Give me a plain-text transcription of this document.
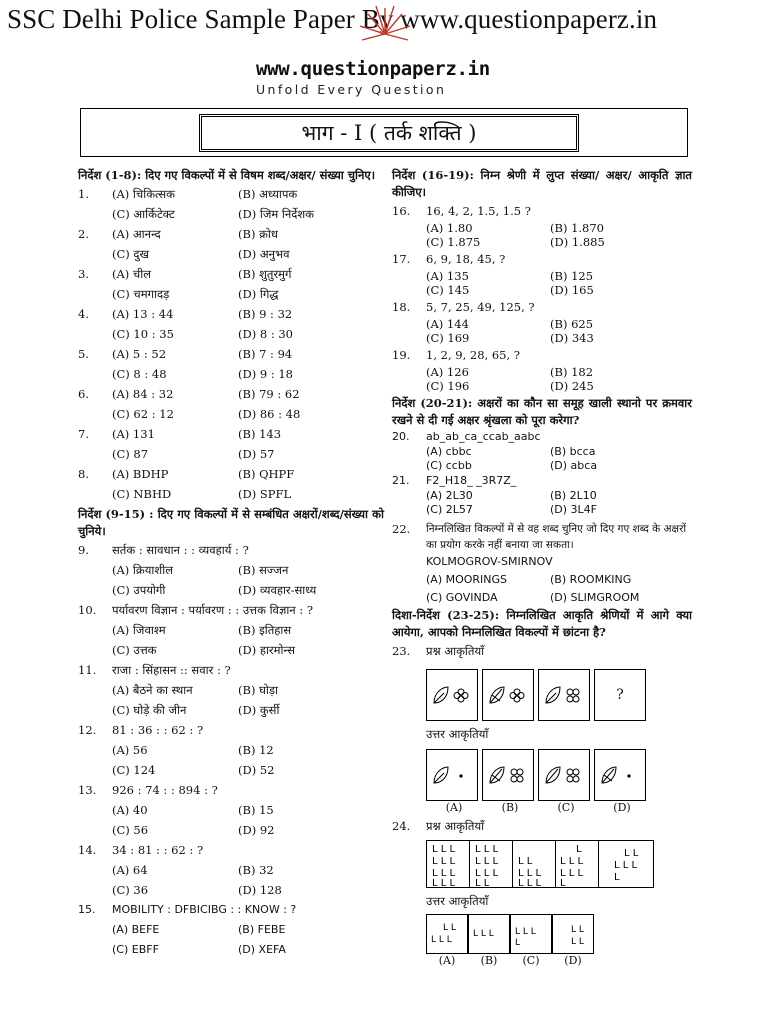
SSC Delhi Police Sample Paper By www.questionpaperz.in
www.questionpaperz.in
Unfold Every Question
भाग - I ( तर्क शक्ति )
निर्देश (1-8): दिए गए विकल्पों में से विषम शब्द/अक्षर/ संख्या चुनिए।
1.	(A) चिकित्सक	(B) अध्यापक
(C) आर्किटेक्ट	(D) जिम निर्देशक
2.	(A) आनन्द	(B) क्रोध
(C) दुख	(D) अनुभव
3.	(A) चील	(B) शुतुरमुर्ग
(C) चमगादड़	(D) गिद्ध
4.	(A) 13 : 44	(B) 9 : 32
(C) 10 : 35	(D) 8 : 30
5.	(A) 5 : 52	(B) 7 : 94
(C) 8 : 48	(D) 9 : 18
6.	(A) 84 : 32	(B) 79 : 62
(C) 62 : 12	(D) 86 : 48
7.	(A) 131	(B) 143
(C) 87	(D) 57
8.	(A) BDHP	(B) QHPF
(C) NBHD	(D) SPFL
निर्देश (9-15) : दिए गए विकल्पों में से सम्बंधित अक्षरों/शब्द/संख्या को चुनिये।
9.	सर्तक : सावधान : : व्यवहार्य : ?
(A) क्रियाशील	(B) सज्जन
(C) उपयोगी	(D) व्यवहार-साध्य
10.	पर्यावरण विज्ञान : पर्यावरण : : उत्तक विज्ञान : ?
(A) जिवाश्म	(B) इतिहास
(C) उत्तक	(D) हारमोन्स
11.	राजा : सिंहासन :: सवार : ?
(A) बैठने का स्थान	(B) घोड़ा
(C) घोड़े की जीन	(D) कुर्सी
12.	81 : 36 : : 62 : ?
(A) 56	(B) 12
(C) 124	(D) 52
13.	926 : 74 : : 894 : ?
(A) 40	(B) 15
(C) 56	(D) 92
14.	34 : 81 : : 62 : ?
(A) 64	(B) 32
(C) 36	(D) 128
15.	MOBILITY : DFBICIBG : : KNOW : ?
(A) BEFE	(B) FEBE
(C) EBFF	(D) XEFA
निर्देश (16-19): निम्न श्रेणी में लुप्त संख्या/ अक्षर/ आकृति ज्ञात कीजिए।
16.	16, 4, 2, 1.5, 1.5 ?
(A) 1.80	(B) 1.870
(C) 1.875	(D) 1.885
17.	6, 9, 18, 45, ?
(A) 135	(B) 125
(C) 145	(D) 165
18.	5, 7, 25, 49, 125, ?
(A) 144	(B) 625
(C) 169	(D) 343
19.	1, 2, 9, 28, 65, ?
(A) 126	(B) 182
(C) 196	(D) 245
निर्देश (20-21): अक्षरों का कौन सा समूह खाली स्थानो पर क्रमवार रखने से दी गई अक्षर श्रृंखला को पूरा करेगा?
20.	ab_ab_ca_ccab_aabc
(A) cbbc	(B) bcca
(C) ccbb	(D) abca
21.	F2_H18_ _3R7Z_
(A) 2L30	(B) 2L10
(C) 2L57	(D) 3L4F
22.	निम्नलिखित विकल्पों में से वह शब्द चुनिए जो दिए गए शब्द के अक्षरों का प्रयोग करके नहीं बनाया जा सकता।
KOLMOGROV-SMIRNOV
(A) MOORINGS	(B) ROOMKING
(C) GOVINDA	(D) SLIMGROOM
दिशा-निर्देश (23-25): निम्नलिखित आकृति श्रेणियों में आगे क्या आयेगा, आपको निम्नलिखित विकल्पों में छांटना है?
23.	प्रश्न आकृतियाँ
?
उत्तर आकृतियाँ
(A)	(B)	(C)	(D)
24.	प्रश्न आकृतियाँ
L L L
L L L
L L L
L L L
L L L
L L L
L L L
L L
L L
L L L
L L L
L
L L L
L L L
L
L L
L L L
L
उत्तर आकृतियाँ
L L
L L L
L L L L L L
L
L L
L L
(A)	(B)	(C)	(D)
